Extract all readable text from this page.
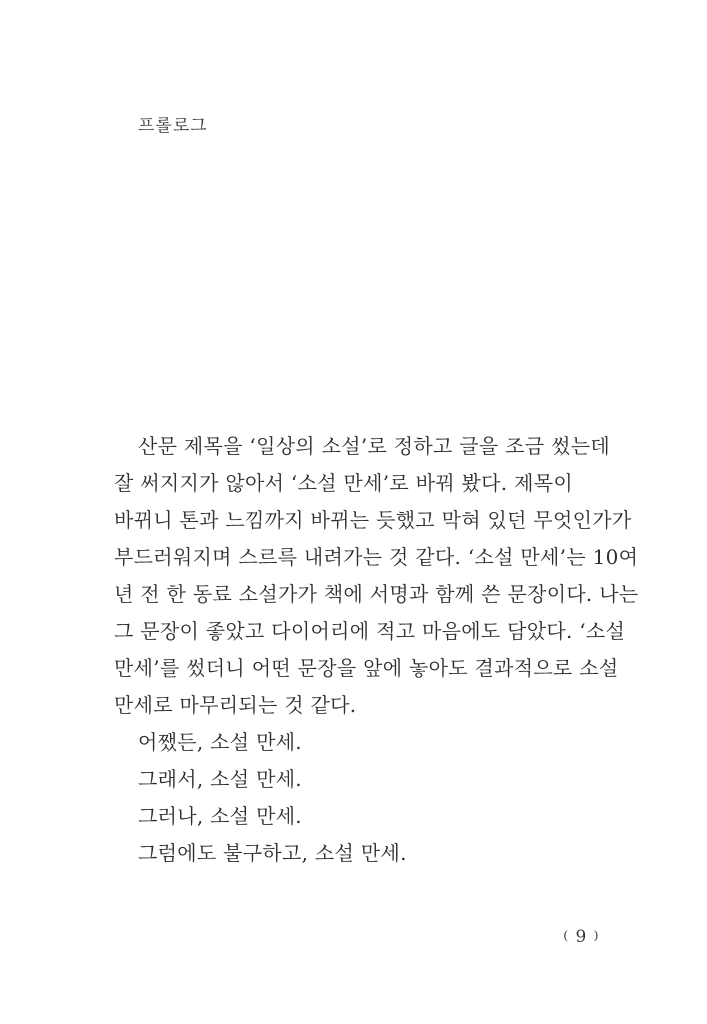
프롤로그
산문 제목을 ‘일상의 소설’로 정하고 글을 조금 썼는데
잘 써지지가 않아서 ‘소설 만세’로 바꿔 봤다. 제목이
바뀌니 톤과 느낌까지 바뀌는 듯했고 막혀 있던 무엇인가가
부드러워지며 스르륵 내려가는 것 같다. ‘소설 만세’는 10여
년 전 한 동료 소설가가 책에 서명과 함께 쓴 문장이다. 나는
그 문장이 좋았고 다이어리에 적고 마음에도 담았다. ‘소설
만세’를 썼더니 어떤 문장을 앞에 놓아도 결과적으로 소설
만세로 마무리되는 것 같다.
어쨌든, 소설 만세.
그래서, 소설 만세.
그러나, 소설 만세.
그럼에도 불구하고, 소설 만세.
( 9 )
